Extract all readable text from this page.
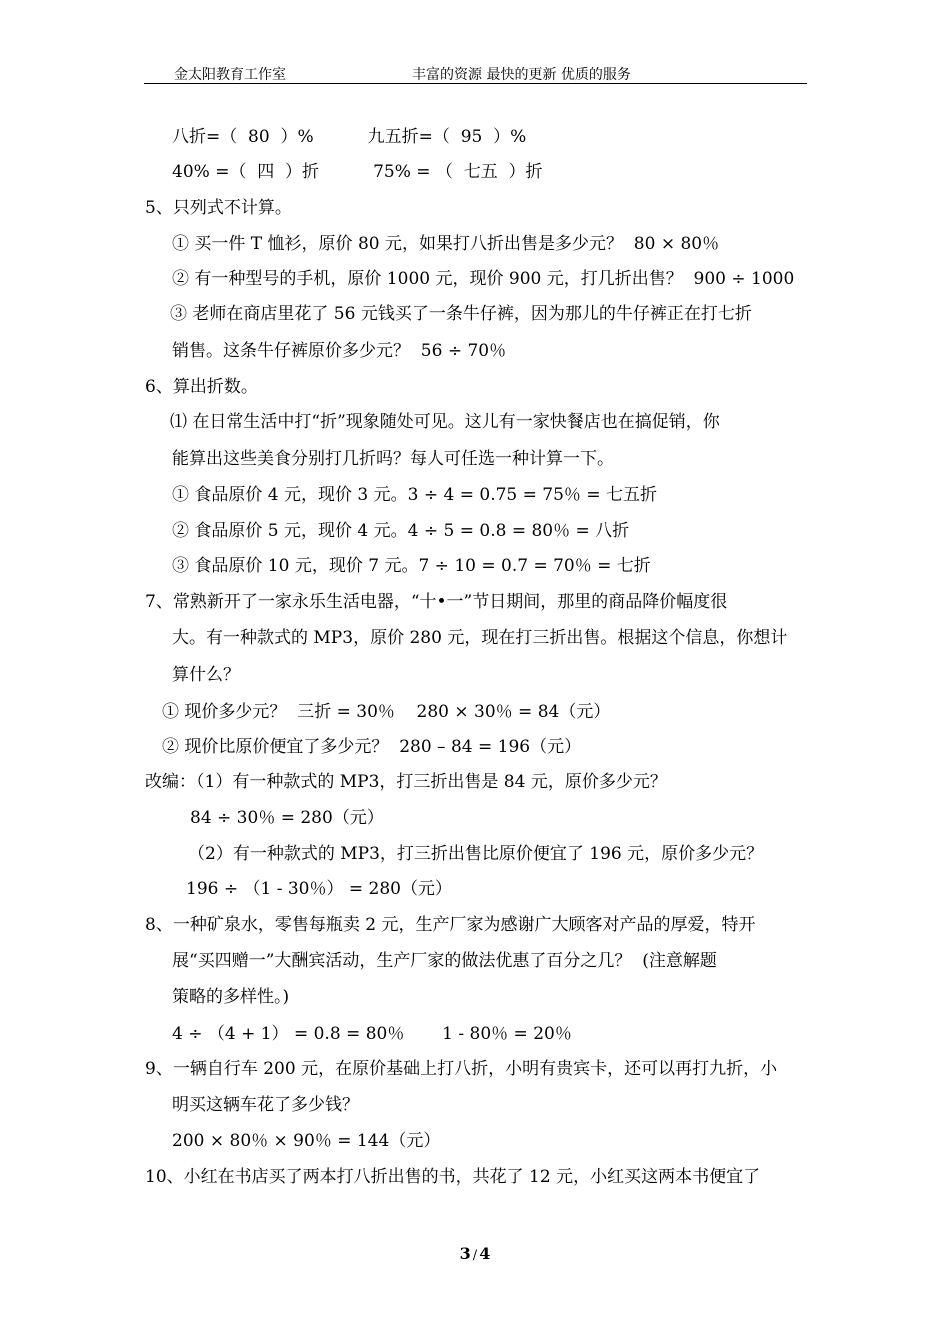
金太阳教育工作室	丰富的资源 最快的更新 优质的服务
八折=（  80  ）%          九五折=（  95  ）%
40% =（  四  ）折          75% = （  七五  ）折
5、只列式不计算。
① 买一件 T 恤衫，原价 80 元，如果打八折出售是多少元？  80 × 80％
② 有一种型号的手机，原价 1000 元，现价 900 元，打几折出售？  900 ÷ 1000
③ 老师在商店里花了 56 元钱买了一条牛仔裤，因为那儿的牛仔裤正在打七折
销售。这条牛仔裤原价多少元？  56 ÷ 70％
6、算出折数。
⑴ 在日常生活中打“折”现象随处可见。这儿有一家快餐店也在搞促销，你
能算出这些美食分别打几折吗？每人可任选一种计算一下。
① 食品原价 4 元，现价 3 元。3 ÷ 4 = 0.75 = 75％ = 七五折
② 食品原价 5 元，现价 4 元。4 ÷ 5 = 0.8 = 80％ = 八折
③ 食品原价 10 元，现价 7 元。7 ÷ 10 = 0.7 = 70％ = 七折
7、常熟新开了一家永乐生活电器，“十•一”节日期间，那里的商品降价幅度很
大。有一种款式的 MP3，原价 280 元，现在打三折出售。根据这个信息，你想计
算什么？
① 现价多少元？  三折 = 30％    280 × 30％ = 84（元）
② 现价比原价便宜了多少元？  280 – 84 = 196（元）
改编：（1）有一种款式的 MP3，打三折出售是 84 元，原价多少元？
84 ÷ 30％ = 280（元）
（2）有一种款式的 MP3，打三折出售比原价便宜了 196 元，原价多少元？
196 ÷ （1 - 30％） = 280（元）
8、一种矿泉水，零售每瓶卖 2 元，生产厂家为感谢广大顾客对产品的厚爱，特开
展“买四赠一”大酬宾活动，生产厂家的做法优惠了百分之几？  (注意解题
策略的多样性。)
4 ÷ （4 + 1） = 0.8 = 80％       1 - 80％ = 20％
9、一辆自行车 200 元，在原价基础上打八折，小明有贵宾卡，还可以再打九折，小
明买这辆车花了多少钱？
200 × 80％ × 90％ = 144（元）
10、小红在书店买了两本打八折出售的书，共花了 12 元，小红买这两本书便宜了
3 / 4
